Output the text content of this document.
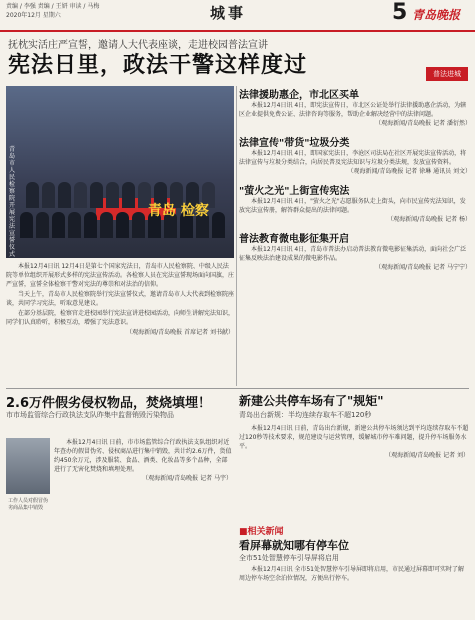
责编 / 李强 责编 / 王妍 审读 / 马梅
2020年12月 星期六	城事	5 青岛晚报
抚枕实活庄严宣誓，邀请人大代表座谈，走进校园普法宣讲
宪法日里，政法干警这样度过	普法进城
青岛市人民检察院开展宪法宣誓仪式
青岛 检察

本报12月4日讯 12月4日是第七个国家宪法日，青岛市人民检察院、中级人民法院等单位组织开展形式多样的宪法宣传活动。各检察人员在宪法宣誓现场面向国旗，庄严宣誓，宣誓全体检察干警对宪法的尊崇和对法治的信仰。

当天上午，青岛市人民检察院举行宪法宣誓仪式，邀请青岛市人大代表到检察院座谈，共同学习宪法，听取意见建议。

在部分基层院，检察官走进校园举行宪法宣讲进校园活动，向师生讲解宪法知识，同学们认真聆听，积极互动，增强了宪法意识。

（观海新闻/青岛晚报 首席记者 刘书献）

法律援助惠企，市北区买单

本报12月4日讯 4日，即宪法宣传日，市北区公证处举行法律援助惠企活动，为辖区企业提供免费公证、法律咨询等服务，帮助企业解决经营中的法律问题。
（观海新闻/青岛晚报 记者 潘衍然）

法律宣传"带货"垃圾分类

本报12月4日讯 4日，即国家宪法日，李沧区司法局在社区开展宪法宣传活动，将法律宣传与垃圾分类结合，向居民普及宪法知识与垃圾分类法规，发放宣传资料。
（观海新闻/青岛晚报 记者 徐琳 通讯员 刘文）

"萤火之光"上街宣传宪法

本报12月4日讯 4日，"萤火之光"志愿服务队走上街头，向市民宣传宪法知识，发放宪法宣传册，解答群众提出的法律问题。
（观海新闻/青岛晚报 记者 杨）

普法教育微电影征集开启

本报12月4日讯 4日，青岛市普法办启动普法教育微电影征集活动，面向社会广泛征集反映法治建设成果的微电影作品。
（观海新闻/青岛晚报 记者 马宁宁）
2.6万件假劣侵权物品，焚烧填埋！
市市场监管综合行政执法支队昨集中监督销毁污染物品
工作人员对假冒伪劣商品集中销毁

本报12月4日讯 日前，市市场监管综合行政执法支队组织对近年查办的假冒伪劣、侵权商品进行集中销毁，共计约2.6万件，货值约450余万元，涉及服装、食品、酒类、化妆品等多个品种，全部进行了无害化焚烧和填埋处理。

（观海新闻/青岛晚报 记者 马宇）

新建公共停车场有了"规矩"
青岛出台新规：半均连续存取车不超120秒

本报12月4日讯 日前，青岛出台新规，新建公共停车场须达到平均连续存取车不超过120秒等技术要求，规范建设与运营管理，缓解城市停车难问题，提升停车场服务水平。

（观海新闻/青岛晚报 记者 刘）

■相关新闻
看屏幕就知哪有停车位
全市51处智慧停车引导屏将启用

本报12月4日讯 全市51处智慧停车引导屏即将启用，市民通过屏幕即可实时了解周边停车场空余泊位情况，方便出行停车。
